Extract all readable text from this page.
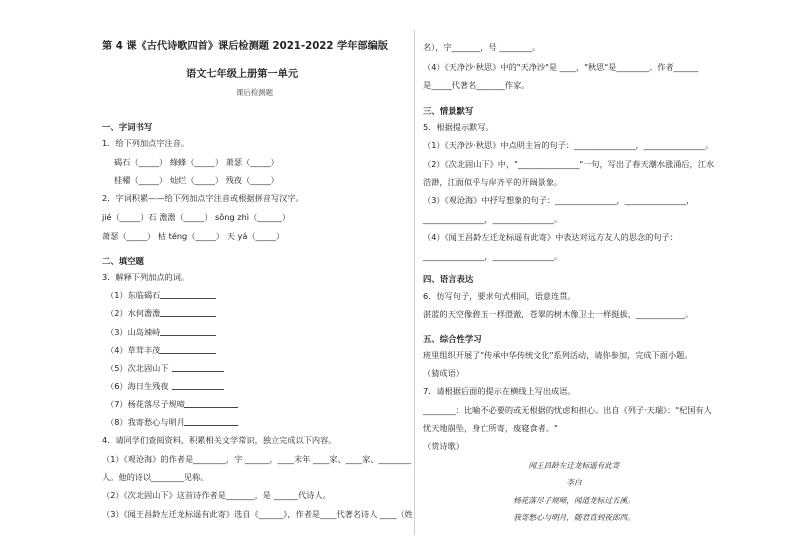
第 4 课《古代诗歌四首》课后检测题 2021-2022 学年部编版
语文七年级上册第一单元
课后检测题
一、字词书写
1．给下列加点字注音。
碣石（_____） 綠蜂（_____） 萧瑟（_____）
桂櫂（_____） 灿烂（_____） 残夜（_____）
2．字词积累——给下列加点字注音或根据拼音写汉字。
jié（_____）石 澹澹（_____） sǒng zhì（______）
萧瑟（_____） 枯 téng（_____） 天 yá（_____）
二、填空题
3．解释下列加点的词。
（1）东临碣石
（2）水何澹澹
（3）山岛竦峙
（4）草茸丰茂
（5）次北固山下
（6）海日生残夜
（7）杨花落尽子规啼
（8）我寄愁心与明月
4．请同学们查阅资料，积累相关文学常识，独立完成以下内容。
（1）《观沧海》的作者是________，字 ______，____末年 ____家、____家、________
人。他的诗以________见称。
（2）《次北固山下》这首诗作者是_______，是 ______代诗人。
（3）《闻王昌龄左迁龙标遥有此寄》选自《______》，作者是____代著名诗人 ____（姓
名），字_______，号 ________。
（4）《天净沙·秋思》中的"天净沙"是 ____，"秋思"是________。作者______
是_____代著名_______作家。
三、情景默写
5．根据提示默写。
（1）《天净沙·秋思》中点明主旨的句子：_______________，_______________。
（2）《次北固山下》中，"_______________"一句，写出了春天潮水涨涌后，江水
浩渺，江面似乎与岸齐平的开阔景象。
（3）《观沧海》中抒写想象的句子：_______________，_______________，
_______________，_______________。
（4）《闻王昌龄左迁龙标遥有此寄》中表达对远方友人的思念的句子：
_______________，_______________。
四、语言表达
6．仿写句子，要求句式相同，语意连贯。
湛蓝的天空像碧玉一样澄澈，苍翠的树木像卫士一样挺拔，____________。
五、综合性学习
班里组织开展了"传承中华传统文化"系列活动，请你参加，完成下面小题。
（猜成语）
7．请根据后面的提示在横线上写出成语。
________：比喻不必要的或无根据的忧虑和担心。出自《列子·天瑞》："杞国有人
忧天地崩坠，身亡所寄，废寝食者。"
（赏诗歌）
闻王昌龄左迁龙标遥有此寄
李白
杨花落尽子规啼，闻道龙标过五溪。
我寄愁心与明月，随君直到夜郎西。
